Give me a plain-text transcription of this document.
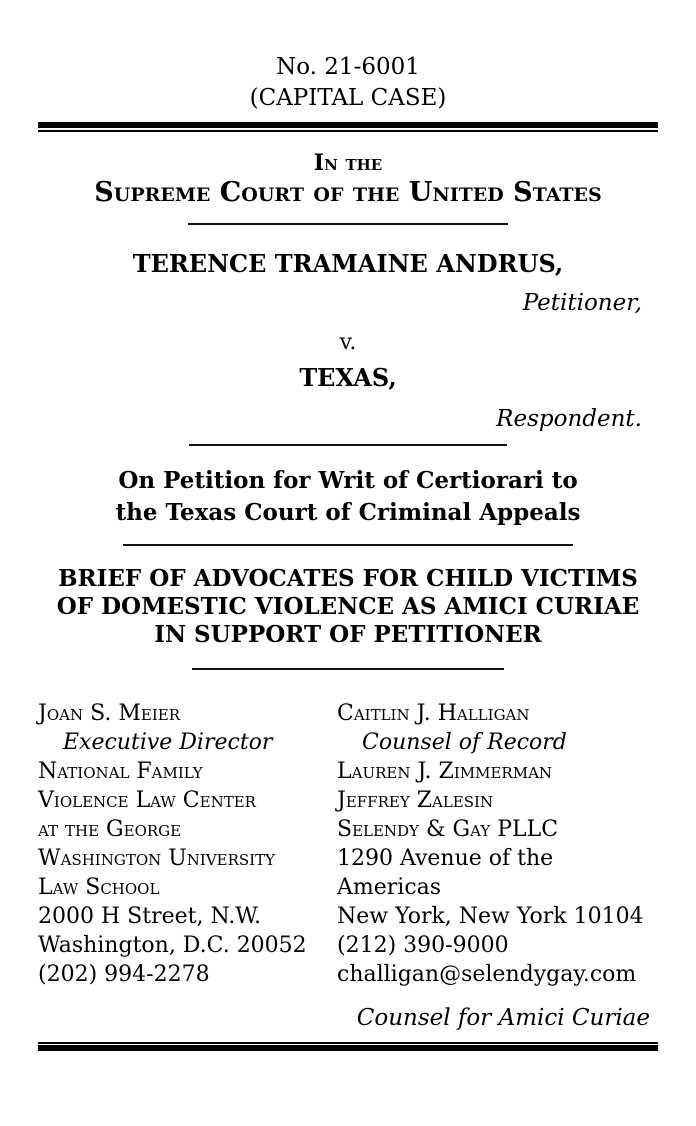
No. 21-6001
(CAPITAL CASE)
In the
Supreme Court of the United States
TERENCE TRAMAINE ANDRUS,
Petitioner,
v.
TEXAS,
Respondent.
On Petition for Writ of Certiorari to
the Texas Court of Criminal Appeals
BRIEF OF ADVOCATES FOR CHILD VICTIMS
OF DOMESTIC VIOLENCE AS AMICI CURIAE
IN SUPPORT OF PETITIONER
Joan S. Meier
Executive Director
National Family
Violence Law Center
at the George
Washington University
Law School
2000 H Street, N.W.
Washington, D.C. 20052
(202) 994-2278
Caitlin J. Halligan
Counsel of Record
Lauren J. Zimmerman
Jeffrey Zalesin
Selendy & Gay PLLC
1290 Avenue of the Americas
New York, New York 10104
(212) 390-9000
challigan@selendygay.com
Counsel for Amici Curiae
